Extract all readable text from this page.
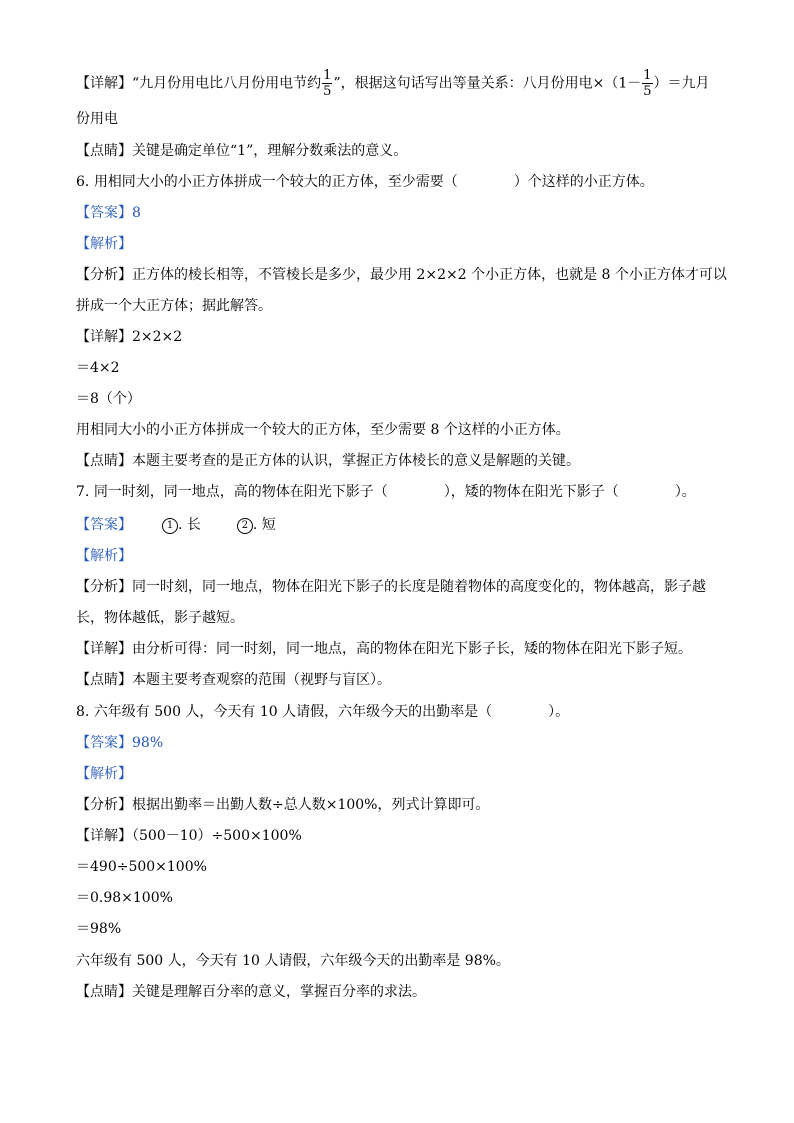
【详解】“九月份用电比八月份用电节约 $\frac{1}{5}$ ”，根据这句话写出等量关系：八月份用电$\times(1- \frac{1}{5}$ ）＝九月
份用电
【点睛】关键是确定单位“1”，理解分数乘法的意义。
6. 用相同大小的小正方体拼成一个较大的正方体，至少需要（	）个这样的小正方体。
【答案】8
【解析】
【分析】正方体的棱长相等，不管棱长是多少，最少用 2×2×2 个小正方体，也就是 8 个小正方体才可以
拼成一个大正方体；据此解答。
【详解】2×2×2
＝4×2
＝8（个）
用相同大小的小正方体拼成一个较大的正方体，至少需要 8 个这样的小正方体。
【点睛】本题主要考查的是正方体的认识，掌握正方体棱长的意义是解题的关键。
7. 同一时刻，同一地点，高的物体在阳光下影子（	），矮的物体在阳光下影子（	）。
【答案】	1 . 长	2 . 短
【解析】
【分析】同一时刻，同一地点，物体在阳光下影子的长度是随着物体的高度变化的，物体越高，影子越
长，物体越低，影子越短。
【详解】由分析可得：同一时刻，同一地点，高的物体在阳光下影子长，矮的物体在阳光下影子短。
【点睛】本题主要考查观察的范围（视野与盲区）。
8. 六年级有 500 人，今天有 10 人请假，六年级今天的出勤率是（	）。
【答案】98%
【解析】
【分析】根据出勤率＝出勤人数÷总人数×100%，列式计算即可。
【详解】（500－10）÷500×100%
＝490÷500×100%
＝0.98×100%
＝98%
六年级有 500 人，今天有 10 人请假，六年级今天的出勤率是 98%。
【点睛】关键是理解百分率的意义，掌握百分率的求法。
